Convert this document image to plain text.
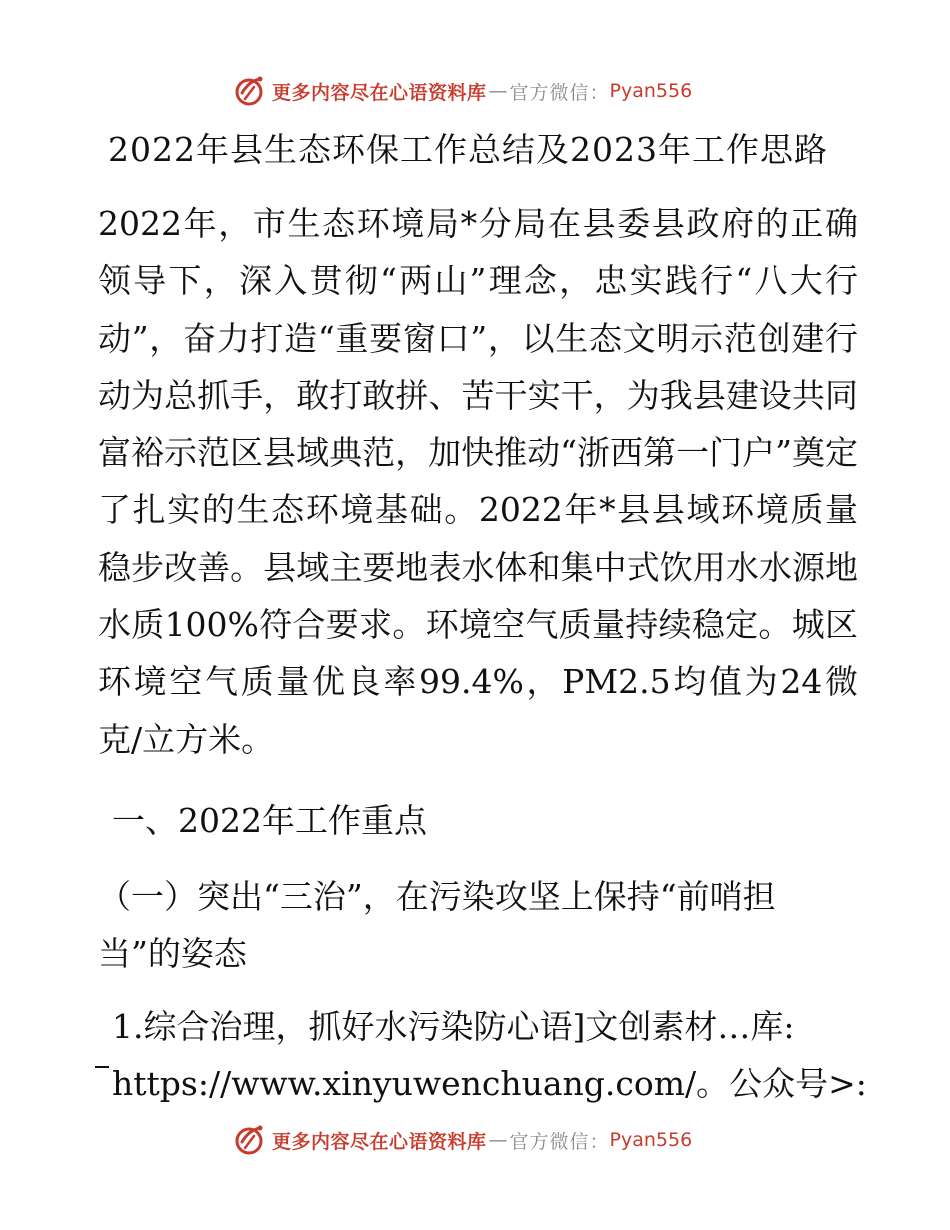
更多内容尽在心语资料库 — 官方微信： Pyan556
2022年县生态环保工作总结及2023年工作思路

2022年，市生态环境局*分局在县委县政府的正确领导下，深入贯彻“两山”理念，忠实践行“八大行动”，奋力打造“重要窗口”，以生态文明示范创建行动为总抓手，敢打敢拼、苦干实干，为我县建设共同富裕示范区县域典范，加快推动“浙西第一门户”奠定了扎实的生态环境基础。2022年*县县域环境质量稳步改善。县域主要地表水体和集中式饮用水水源地水质100%符合要求。环境空气质量持续稳定。城区环境空气质量优良率99.4%，PM2.5均值为24微克/立方米。

一、2022年工作重点

（一）突出“三治”，在污染攻坚上保持“前哨担当”的姿态

1.综合治理，抓好水污染防心语]文创素材…库:
https://www.xinyuwenchuang.com/。公众号>:
更多内容尽在心语资料库 — 官方微信： Pyan556
